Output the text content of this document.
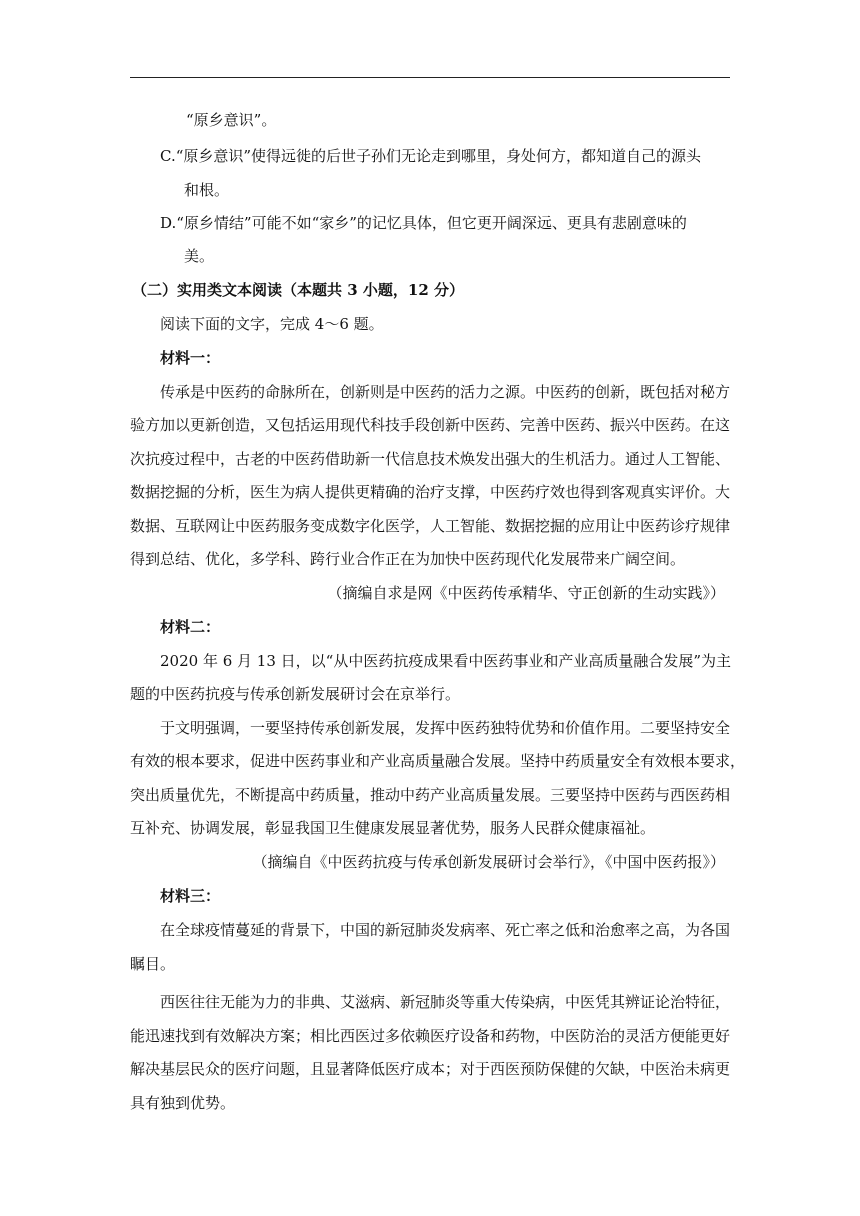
“原乡意识”。
C.“原乡意识”使得远徙的后世子孙们无论走到哪里，身处何方，都知道自己的源头
和根。
D.“原乡情结”可能不如“家乡”的记忆具体，但它更开阔深远、更具有悲剧意味的
美。
（二）实用类文本阅读（本题共 3 小题，12 分）
阅读下面的文字，完成 4～6 题。
材料一：
传承是中医药的命脉所在，创新则是中医药的活力之源。中医药的创新，既包括对秘方
验方加以更新创造，又包括运用现代科技手段创新中医药、完善中医药、振兴中医药。在这
次抗疫过程中，古老的中医药借助新一代信息技术焕发出强大的生机活力。通过人工智能、
数据挖掘的分析，医生为病人提供更精确的治疗支撑，中医药疗效也得到客观真实评价。大
数据、互联网让中医药服务变成数字化医学，人工智能、数据挖掘的应用让中医药诊疗规律
得到总结、优化，多学科、跨行业合作正在为加快中医药现代化发展带来广阔空间。
（摘编自求是网《中医药传承精华、守正创新的生动实践》）
材料二：
2020 年 6 月 13 日，以“从中医药抗疫成果看中医药事业和产业高质量融合发展”为主
题的中医药抗疫与传承创新发展研讨会在京举行。
于文明强调，一要坚持传承创新发展，发挥中医药独特优势和价值作用。二要坚持安全
有效的根本要求，促进中医药事业和产业高质量融合发展。坚持中药质量安全有效根本要求，
突出质量优先，不断提高中药质量，推动中药产业高质量发展。三要坚持中医药与西医药相
互补充、协调发展，彰显我国卫生健康发展显著优势，服务人民群众健康福祉。
（摘编自《中医药抗疫与传承创新发展研讨会举行》，《中国中医药报》）
材料三：
在全球疫情蔓延的背景下，中国的新冠肺炎发病率、死亡率之低和治愈率之高，为各国
瞩目。
西医往往无能为力的非典、艾滋病、新冠肺炎等重大传染病，中医凭其辨证论治特征，
能迅速找到有效解决方案；相比西医过多依赖医疗设备和药物，中医防治的灵活方便能更好
解决基层民众的医疗问题，且显著降低医疗成本；对于西医预防保健的欠缺，中医治未病更
具有独到优势。
